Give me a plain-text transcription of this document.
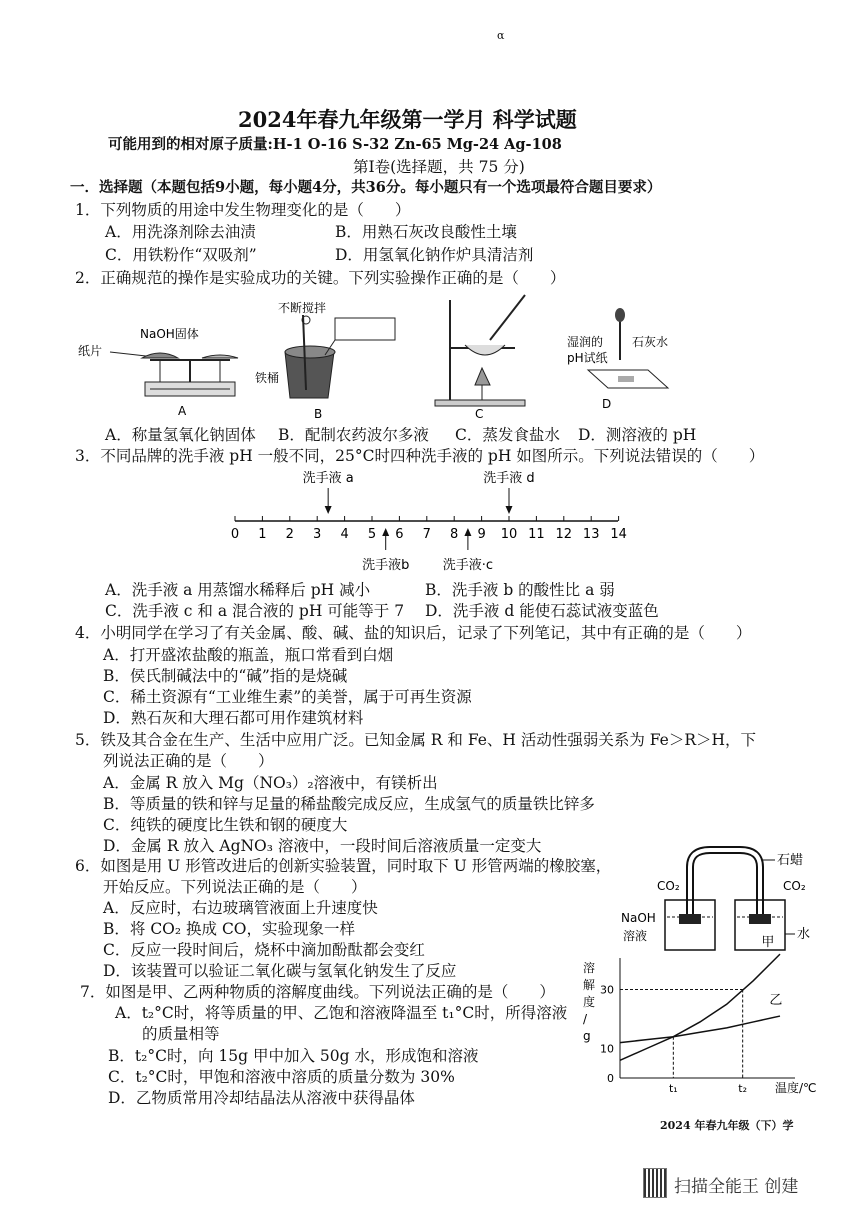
α
2024年春九年级第一学月 科学试题
可能用到的相对原子质量:H-1 O-16 S-32 Zn-65 Mg-24 Ag-108
第Ⅰ卷(选择题，共 75 分)
一．选择题（本题包括9小题，每小题4分，共36分。每小题只有一个选项最符合题目要求）
1．下列物质的用途中发生物理变化的是（　　）
A．用洗涤剂除去油渍	B．用熟石灰改良酸性土壤
C．用铁粉作“双吸剂”	D．用氢氧化钠作炉具清洁剂
2．正确规范的操作是实验成功的关键。下列实验操作正确的是（　　）
NaOH固体
纸片
A
不断搅拌
铁桶
B	C
湿润的
pH试纸
石灰水
D
A．称量氢氧化钠固体 B．配制农药波尔多液 C．蒸发食盐水 D．测溶液的 pH
3．不同品牌的洗手液 pH 一般不同，25°C时四种洗手液的 pH 如图所示。下列说法错误的（　　）
0 1 2 3 4 5 6 7 8 9 10 11 12 13 14
洗手液 a	洗手液 d
洗手液b	洗手液·c
A．洗手液 a 用蒸馏水稀释后 pH 减小	B．洗手液 b 的酸性比 a 弱
C．洗手液 c 和 a 混合液的 pH 可能等于 7 D．洗手液 d 能使石蕊试液变蓝色
4．小明同学在学习了有关金属、酸、碱、盐的知识后，记录了下列笔记，其中有正确的是（　　）
A．打开盛浓盐酸的瓶盖，瓶口常看到白烟
B．侯氏制碱法中的“碱”指的是烧碱
C．稀土资源有“工业维生素”的美誉，属于可再生资源
D．熟石灰和大理石都可用作建筑材料
5．铁及其合金在生产、生活中应用广泛。已知金属 R 和 Fe、H 活动性强弱关系为 Fe＞R＞H，下
列说法正确的是（　　）
A．金属 R 放入 Mg（NO₃）₂溶液中，有镁析出
B．等质量的铁和锌与足量的稀盐酸完成反应，生成氢气的质量铁比锌多
C．纯铁的硬度比生铁和钢的硬度大
D．金属 R 放入 AgNO₃ 溶液中，一段时间后溶液质量一定变大
6．如图是用 U 形管改进后的创新实验装置，同时取下 U 形管两端的橡胶塞，
开始反应。下列说法正确的是（　　）
A．反应时，右边玻璃管液面上升速度快
B．将 CO₂ 换成 CO，实验现象一样
C．反应一段时间后，烧杯中滴加酚酞都会变红
D．该装置可以验证二氧化碳与氢氧化钠发生了反应
石蜡
CO₂	CO₂
NaOH
溶液	水
7．如图是甲、乙两种物质的溶解度曲线。下列说法正确的是（　　）
A．t₂°C时，将等质量的甲、乙饱和溶液降温至 t₁°C时，所得溶液
的质量相等
B．t₂°C时，向 15g 甲中加入 50g 水，形成饱和溶液
C．t₂°C时，甲饱和溶液中溶质的质量分数为 30%
D．乙物质常用冷却结晶法从溶液中获得晶体
0
10
30
t₁	t₂
甲
乙
溶
解
度
/
g
温度/℃
2024 年春九年级（下）学
扫描全能王 创建
